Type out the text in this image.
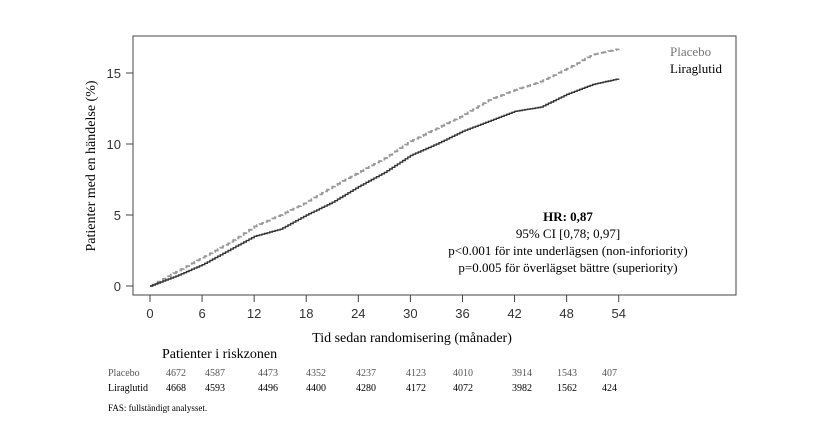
0
5
10
15
0	6	12	18	24	30	36	42	48	54
Placebo
Liraglutid
Tid sedan randomisering (månader)
Patienter med en händelse (%)	HR: 0,87
95% CI [0,78; 0,97]
p<0.001 för inte underlägsen (non-inforiority)
p=0.005 för överlägset bättre (superiority)
Patienter i riskzonen
Placebo	4672 4587	4473	4352	4237	4123	4010	3914	1543	407
Liraglutid 4668 4593	4496	4400	4280	4172	4072	3982	1562	424
FAS: fullständigt analysset.
